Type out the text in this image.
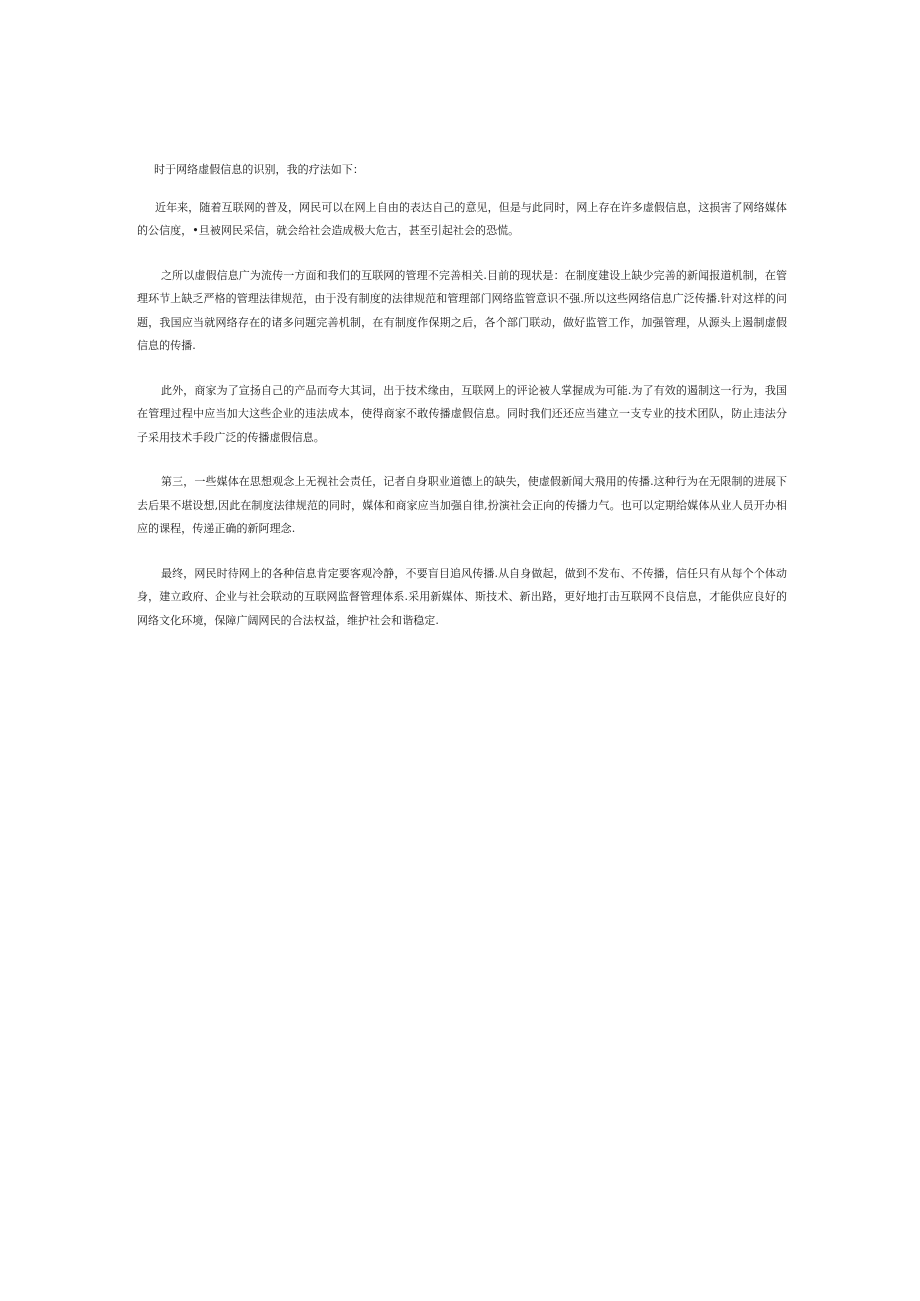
时于网络虚假信息的识别，我的疗法如下：

近年来，随着互联网的普及，网民可以在网上自由的表达自己的意见，但是与此同时，网上存在许多虚假信息，这损害了网络媒体的公信度，•旦被网民采信，就会给社会造成极大危古，甚至引起社会的恐慌。

之所以虚假信息广为流传一方面和我们的互联网的管理不完善相关.目前的现状是：在制度建设上缺少完善的新闻报道机制，在管理环节上缺乏严格的管理法律规范，由于没有制度的法律规范和管理部门网络监管意识不强.所以这些网络信息广泛传播.针对这样的问题，我国应当就网络存在的诸多问题完善机制，在有制度作保期之后，各个部门联动，做好监管工作，加强管理，从源头上遏制虚假信息的传播.

此外，商家为了宣扬自己的产品而夸大其词，出于技术缘由，互联网上的评论被人掌握成为可能.为了有效的遏制这一行为，我国在管理过程中应当加大这些企业的违法成本，使得商家不敢传播虚假信息。同时我们还还应当建立一支专业的技术团队，防止违法分子采用技术手段广泛的传播虚假信息。

第三，一些媒体在思想观念上无视社会责任，记者自身职业道德上的缺失，使虚假新闻大飛用的传播.这种行为在无限制的进展下去后果不堪设想,因此在制度法律规范的同时，媒体和商家应当加强自律,扮演社会正向的传播力气。也可以定期给媒体从业人员开办相应的课程，传递正确的新阿理念.

最终，网民时待网上的各种信息肯定要客观冷静，不要盲目追风传播.从自身做起，做到不发布、不传播，信任只有从每个个体动身，建立政府、企业与社会联动的互联网监督管理体系.采用新媒体、斯技术、新出路，更好地打击互联网不良信息，才能供应良好的网络文化环境，保障广阔网民的合法权益，维护社会和谐稳定.
